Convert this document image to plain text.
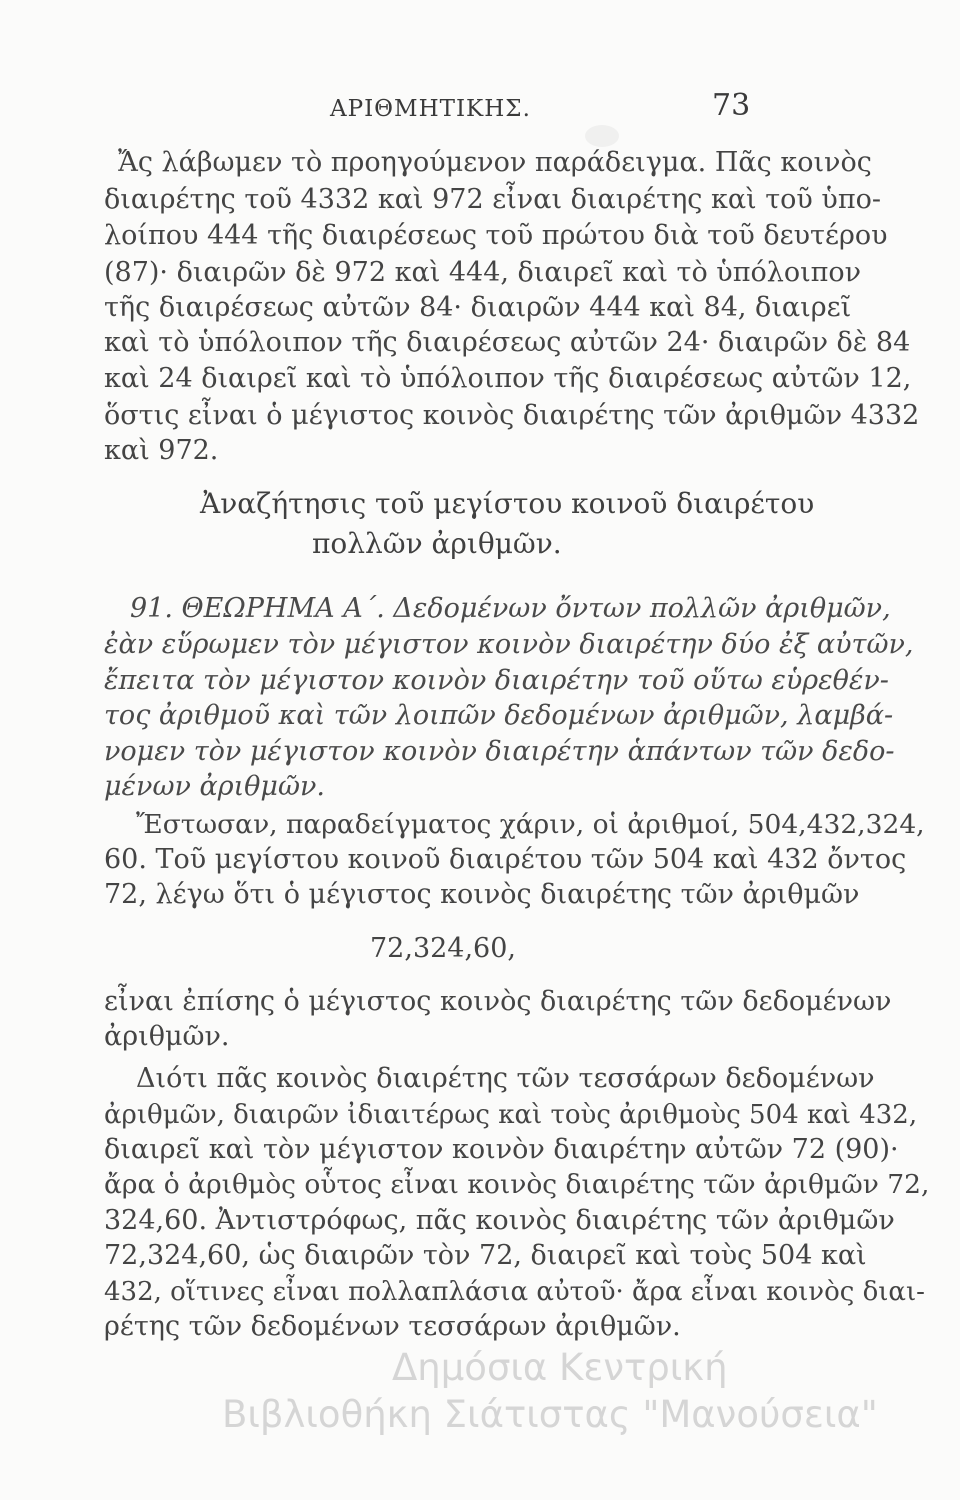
ΑΡΙΘΜΗΤΙΚΗΣ.	73
Ἄς λάβωμεν τὸ προηγούμενον παράδειγμα. Πᾶς κοινὸς
διαιρέτης τοῦ 4332 καὶ 972 εἶναι διαιρέτης καὶ τοῦ ὑπο-
λοίπου 444 τῆς διαιρέσεως τοῦ πρώτου διὰ τοῦ δευτέρου
(87)· διαιρῶν δὲ 972 καὶ 444, διαιρεῖ καὶ τὸ ὑπόλοιπον
τῆς διαιρέσεως αὐτῶν 84· διαιρῶν 444 καὶ 84, διαιρεῖ
καὶ τὸ ὑπόλοιπον τῆς διαιρέσεως αὐτῶν 24· διαιρῶν δὲ 84
καὶ 24 διαιρεῖ καὶ τὸ ὑπόλοιπον τῆς διαιρέσεως αὐτῶν 12,
ὅστις εἶναι ὁ μέγιστος κοινὸς διαιρέτης τῶν ἀριθμῶν 4332
καὶ 972.
Ἀναζήτησις τοῦ μεγίστου κοινοῦ διαιρέτου
πολλῶν ἀριθμῶν.
91. ΘΕΩΡΗΜΑ Α΄. Δεδομένων ὄντων πολλῶν ἀριθμῶν,
ἐὰν εὕρωμεν τὸν μέγιστον κοινὸν διαιρέτην δύο ἐξ αὐτῶν,
ἔπειτα τὸν μέγιστον κοινὸν διαιρέτην τοῦ οὕτω εὑρεθέν-
τος ἀριθμοῦ καὶ τῶν λοιπῶν δεδομένων ἀριθμῶν, λαμβά-
νομεν τὸν μέγιστον κοινὸν διαιρέτην ἁπάντων τῶν δεδο-
μένων ἀριθμῶν.
Ἔστωσαν, παραδείγματος χάριν, οἱ ἀριθμοί, 504,432,324,
60. Τοῦ μεγίστου κοινοῦ διαιρέτου τῶν 504 καὶ 432 ὄντος
72, λέγω ὅτι ὁ μέγιστος κοινὸς διαιρέτης τῶν ἀριθμῶν
72,324,60,
εἶναι ἐπίσης ὁ μέγιστος κοινὸς διαιρέτης τῶν δεδομένων
ἀριθμῶν.
Διότι πᾶς κοινὸς διαιρέτης τῶν τεσσάρων δεδομένων
ἀριθμῶν, διαιρῶν ἰδιαιτέρως καὶ τοὺς ἀριθμοὺς 504 καὶ 432,
διαιρεῖ καὶ τὸν μέγιστον κοινὸν διαιρέτην αὐτῶν 72 (90)·
ἄρα ὁ ἀριθμὸς οὗτος εἶναι κοινὸς διαιρέτης τῶν ἀριθμῶν 72,
324,60. Ἀντιστρόφως, πᾶς κοινὸς διαιρέτης τῶν ἀριθμῶν
72,324,60, ὡς διαιρῶν τὸν 72, διαιρεῖ καὶ τοὺς 504 καὶ
432, οἵτινες εἶναι πολλαπλάσια αὐτοῦ· ἄρα εἶναι κοινὸς διαι-
ρέτης τῶν δεδομένων τεσσάρων ἀριθμῶν.
Δημόσια Κεντρική
Βιβλιοθήκη Σιάτιστας "Μανούσεια"
